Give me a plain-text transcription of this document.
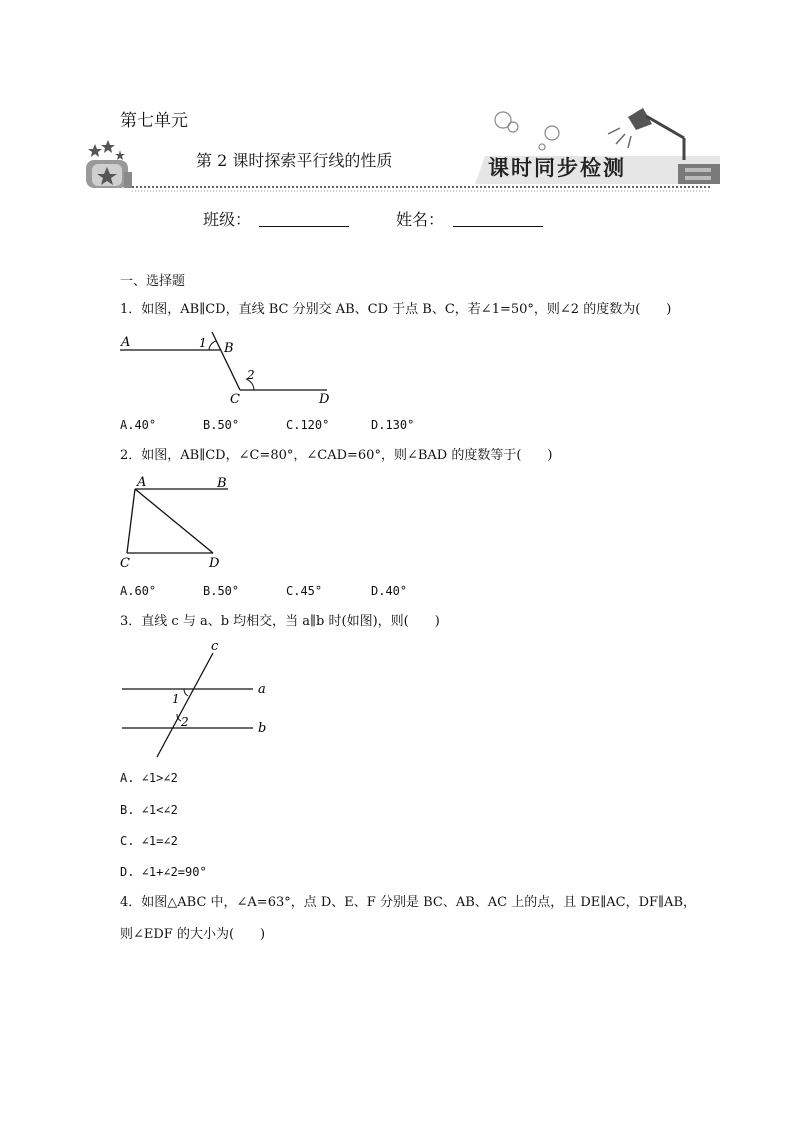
第七单元
第 2 课时探索平行线的性质	课时同步检测
班级：	姓名：
一、选择题
1．如图，AB∥CD，直线 BC 分别交 AB、CD 于点 B、C，若∠1=50°，则∠2 的度数为(　　)
A	1 B
2
C	D
A.40°	B.50°	C.120°	D.130°
2．如图，AB∥CD，∠C=80°，∠CAD=60°，则∠BAD 的度数等于(　　)
A	B
C	D
A.60°	B.50°	C.45°	D.40°
3．直线 c 与 a、b 均相交，当 a∥b 时(如图)，则(　　)
c
a
b
1
2
A. ∠1>∠2
B. ∠1<∠2
C. ∠1=∠2
D. ∠1+∠2=90°
4．如图△ABC 中，∠A=63°，点 D、E、F 分别是 BC、AB、AC 上的点，且 DE∥AC，DF∥AB，
则∠EDF 的大小为(　　)
